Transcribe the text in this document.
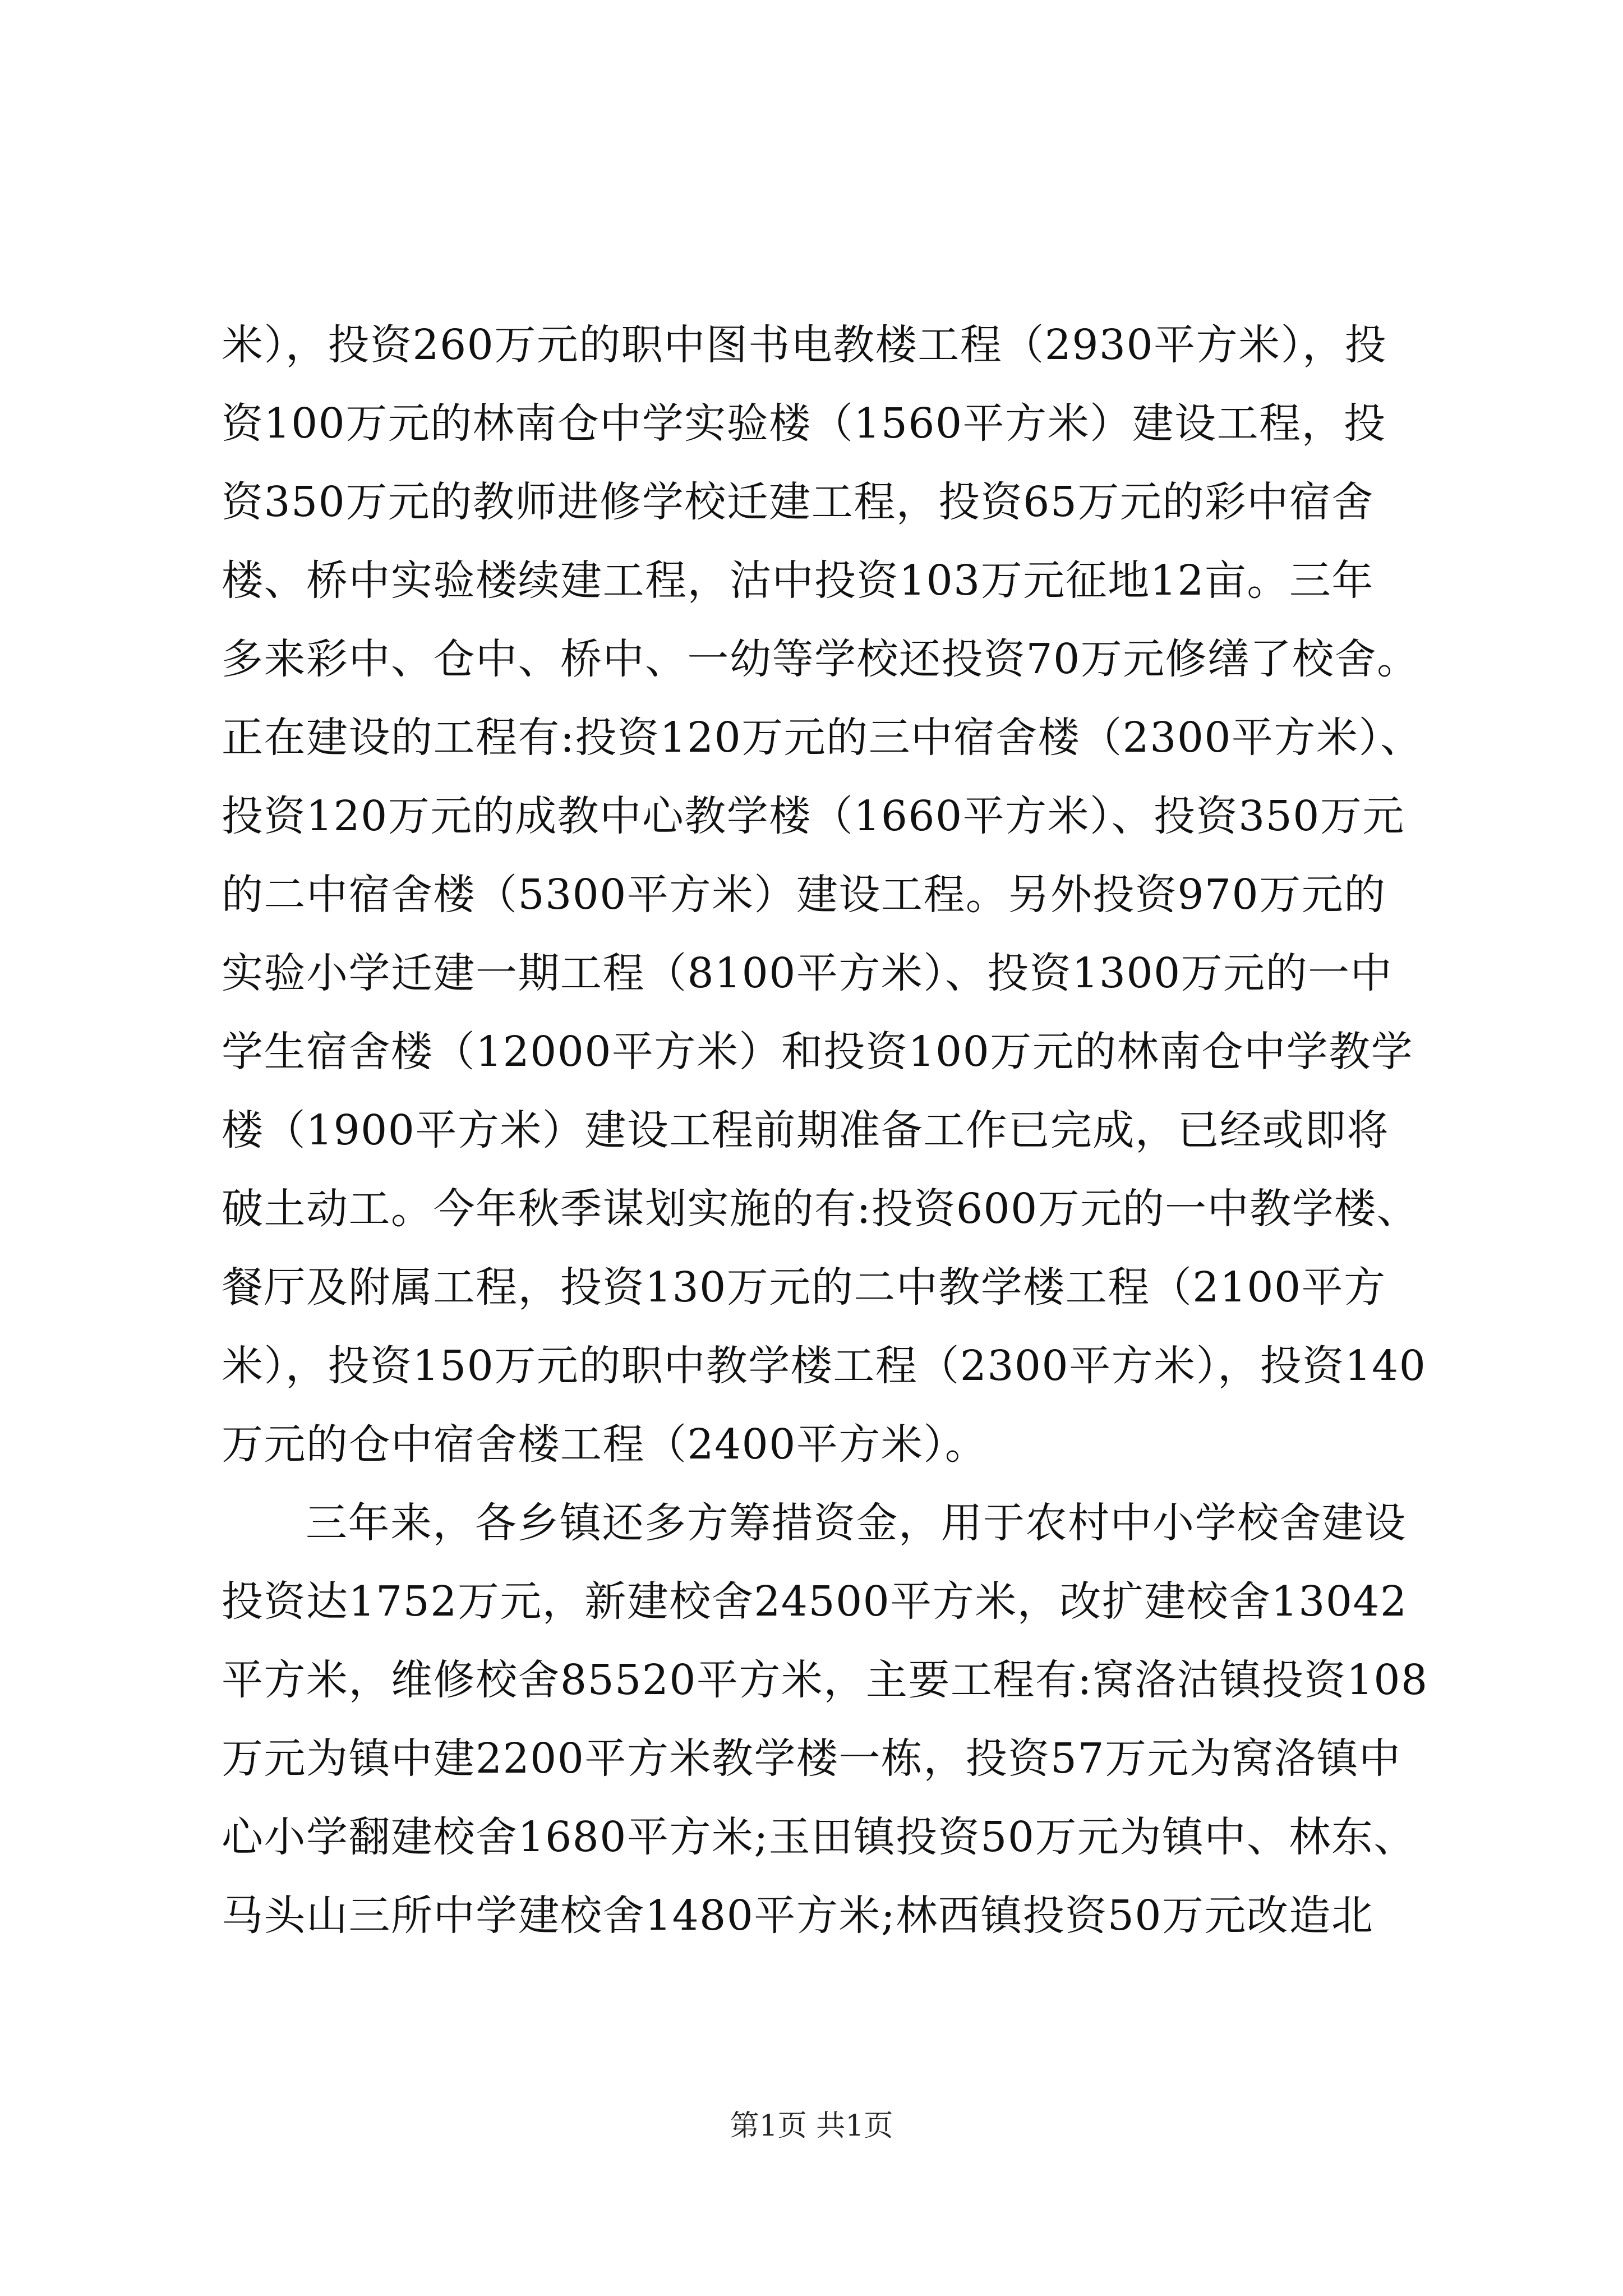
米），投资260万元的职中图书电教楼工程（2930平方米），投
资100万元的林南仓中学实验楼（1560平方米）建设工程，投
资350万元的教师进修学校迁建工程，投资65万元的彩中宿舍
楼、桥中实验楼续建工程，沽中投资103万元征地12亩。三年
多来彩中、仓中、桥中、一幼等学校还投资70万元修缮了校舍。
正在建设的工程有:投资120万元的三中宿舍楼（2300平方米）、
投资120万元的成教中心教学楼（1660平方米）、投资350万元
的二中宿舍楼（5300平方米）建设工程。另外投资970万元的
实验小学迁建一期工程（8100平方米）、投资1300万元的一中
学生宿舍楼（12000平方米）和投资100万元的林南仓中学教学
楼（1900平方米）建设工程前期准备工作已完成，已经或即将
破土动工。今年秋季谋划实施的有:投资600万元的一中教学楼、
餐厅及附属工程，投资130万元的二中教学楼工程（2100平方
米），投资150万元的职中教学楼工程（2300平方米），投资140
万元的仓中宿舍楼工程（2400平方米）。
三年来，各乡镇还多方筹措资金，用于农村中小学校舍建设
投资达1752万元，新建校舍24500平方米，改扩建校舍13042
平方米，维修校舍85520平方米，主要工程有:窝洛沽镇投资108
万元为镇中建2200平方米教学楼一栋，投资57万元为窝洛镇中
心小学翻建校舍1680平方米;玉田镇投资50万元为镇中、林东、
马头山三所中学建校舍1480平方米;林西镇投资50万元改造北
第1页 共1页
